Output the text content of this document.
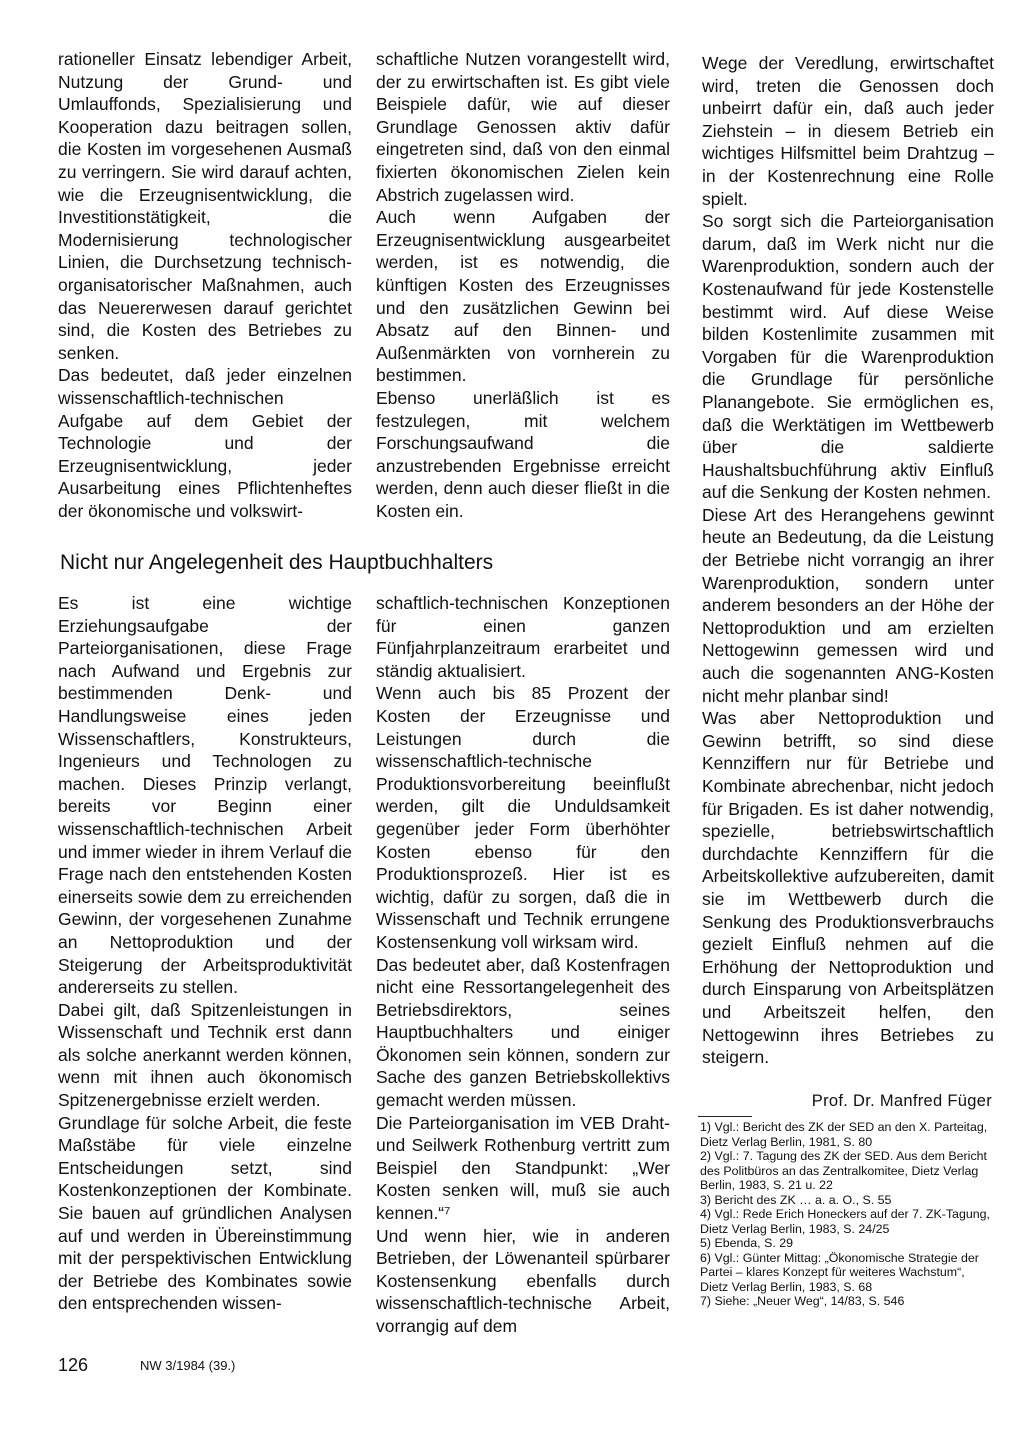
rationeller Einsatz lebendiger Arbeit, Nutzung der Grund- und Umlauffonds, Spezialisierung und Kooperation dazu beitragen sollen, die Kosten im vorgesehenen Ausmaß zu verringern. Sie wird darauf achten, wie die Erzeugnisentwicklung, die Investitionstätigkeit, die Modernisierung technologischer Linien, die Durchsetzung technisch-organisatorischer Maßnahmen, auch das Neuererwesen darauf gerichtet sind, die Kosten des Betriebes zu senken.

Das bedeutet, daß jeder einzelnen wissenschaftlich-technischen Aufgabe auf dem Gebiet der Technologie und der Erzeugnisentwicklung, jeder Ausarbeitung eines Pflichtenheftes der ökonomische und volkswirt-

schaftliche Nutzen vorangestellt wird, der zu erwirtschaften ist. Es gibt viele Beispiele dafür, wie auf dieser Grundlage Genossen aktiv dafür eingetreten sind, daß von den einmal fixierten ökonomischen Zielen kein Abstrich zugelassen wird.

Auch wenn Aufgaben der Erzeugnisentwicklung ausgearbeitet werden, ist es notwendig, die künftigen Kosten des Erzeugnisses und den zusätzlichen Gewinn bei Absatz auf den Binnen- und Außenmärkten von vornherein zu bestimmen.

Ebenso unerläßlich ist es festzulegen, mit welchem Forschungsaufwand die anzustrebenden Ergebnisse erreicht werden, denn auch dieser fließt in die Kosten ein.

Wege der Veredlung, erwirtschaftet wird, treten die Genossen doch unbeirrt dafür ein, daß auch jeder Ziehstein – in diesem Betrieb ein wichtiges Hilfsmittel beim Drahtzug – in der Kostenrechnung eine Rolle spielt.

So sorgt sich die Parteiorganisation darum, daß im Werk nicht nur die Warenproduktion, sondern auch der Kostenaufwand für jede Kostenstelle bestimmt wird. Auf diese Weise bilden Kostenlimite zusammen mit Vorgaben für die Warenproduktion die Grundlage für persönliche Planangebote. Sie ermöglichen es, daß die Werktätigen im Wettbewerb über die saldierte Haushaltsbuchführung aktiv Einfluß auf die Senkung der Kosten nehmen.

Diese Art des Herangehens gewinnt heute an Bedeutung, da die Leistung der Betriebe nicht vorrangig an ihrer Warenproduktion, sondern unter anderem besonders an der Höhe der Nettoproduktion und am erzielten Nettogewinn gemessen wird und auch die sogenannten ANG-Kosten nicht mehr planbar sind!

Was aber Nettoproduktion und Gewinn betrifft, so sind diese Kennziffern nur für Betriebe und Kombinate abrechenbar, nicht jedoch für Brigaden. Es ist daher notwendig, spezielle, betriebswirtschaftlich durchdachte Kennziffern für die Arbeitskollektive aufzubereiten, damit sie im Wettbewerb durch die Senkung des Produktionsverbrauchs gezielt Einfluß nehmen auf die Erhöhung der Nettoproduktion und durch Einsparung von Arbeitsplätzen und Arbeitszeit helfen, den Nettogewinn ihres Betriebes zu steigern.

Nicht nur Angelegenheit des Hauptbuchhalters

Es ist eine wichtige Erziehungsaufgabe der Parteiorganisationen, diese Frage nach Aufwand und Ergebnis zur bestimmenden Denk- und Handlungsweise eines jeden Wissenschaftlers, Konstrukteurs, Ingenieurs und Technologen zu machen. Dieses Prinzip verlangt, bereits vor Beginn einer wissenschaftlich-technischen Arbeit und immer wieder in ihrem Verlauf die Frage nach den entstehenden Kosten einerseits sowie dem zu erreichenden Gewinn, der vorgesehenen Zunahme an Nettoproduktion und der Steigerung der Arbeitsproduktivität andererseits zu stellen.

Dabei gilt, daß Spitzenleistungen in Wissenschaft und Technik erst dann als solche anerkannt werden können, wenn mit ihnen auch ökonomisch Spitzenergebnisse erzielt werden.

Grundlage für solche Arbeit, die feste Maßstäbe für viele einzelne Entscheidungen setzt, sind Kostenkonzeptionen der Kombinate. Sie bauen auf gründlichen Analysen auf und werden in Übereinstimmung mit der perspektivischen Entwicklung der Betriebe des Kombinates sowie den entsprechenden wissen-

schaftlich-technischen Konzeptionen für einen ganzen Fünfjahrplanzeitraum erarbeitet und ständig aktualisiert.

Wenn auch bis 85 Prozent der Kosten der Erzeugnisse und Leistungen durch die wissenschaftlich-technische Produktionsvorbereitung beeinflußt werden, gilt die Unduldsamkeit gegenüber jeder Form überhöhter Kosten ebenso für den Produktionsprozeß. Hier ist es wichtig, dafür zu sorgen, daß die in Wissenschaft und Technik errungene Kostensenkung voll wirksam wird.

Das bedeutet aber, daß Kostenfragen nicht eine Ressortangelegenheit des Betriebsdirektors, seines Hauptbuchhalters und einiger Ökonomen sein können, sondern zur Sache des ganzen Betriebskollektivs gemacht werden müssen.

Die Parteiorganisation im VEB Draht- und Seilwerk Rothenburg vertritt zum Beispiel den Standpunkt: „Wer Kosten senken will, muß sie auch kennen.“⁷

Und wenn hier, wie in anderen Betrieben, der Löwenanteil spürbarer Kostensenkung ebenfalls durch wissenschaftlich-technische Arbeit, vorrangig auf dem

Prof. Dr. Manfred Füger
1) Vgl.: Bericht des ZK der SED an den X. Parteitag, Dietz Verlag Berlin, 1981, S. 80
2) Vgl.: 7. Tagung des ZK der SED. Aus dem Bericht des Politbüros an das Zentralkomitee, Dietz Verlag Berlin, 1983, S. 21 u. 22
3) Bericht des ZK … a. a. O., S. 55
4) Vgl.: Rede Erich Honeckers auf der 7. ZK-Tagung, Dietz Verlag Berlin, 1983, S. 24/25
5) Ebenda, S. 29
6) Vgl.: Günter Mittag: „Ökonomische Strategie der Partei – klares Konzept für weiteres Wachstum“, Dietz Verlag Berlin, 1983, S. 68
7) Siehe: „Neuer Weg“, 14/83, S. 546
126	NW 3/1984 (39.)
